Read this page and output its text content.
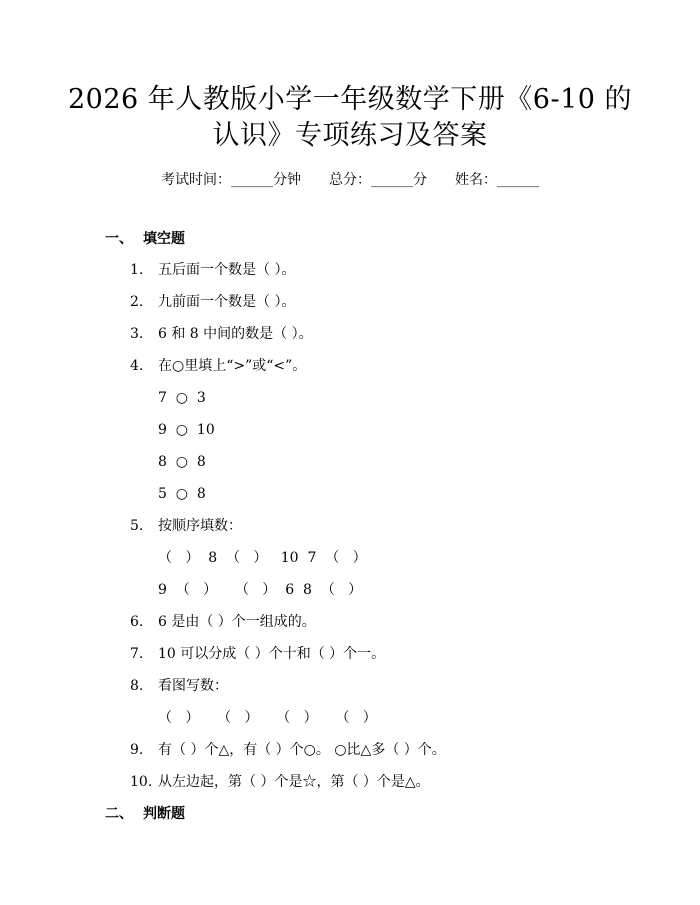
2026 年人教版小学一年级数学下册《6-10 的
认识》专项练习及答案
考试时间：______分钟 总分：______分 姓名：______
一、 填空题
1. 五后面一个数是（ ）。
2. 九前面一个数是（ ）。
3. 6 和 8 中间的数是（ ）。
4. 在○里填上“>”或“<”。
7  ○  3
9  ○  10
8  ○  8
5  ○  8
5. 按顺序填数：
（   ）  8  （   ）   10  7  （   ）
9  （   ）    （   ）  6  8  （   ）
6. 6 是由（ ）个一组成的。
7. 10 可以分成（ ）个十和（ ）个一。
8. 看图写数：
（   ）    （   ）    （   ）    （   ）
9. 有（ ）个△，有（ ）个○。 ○比△多（ ）个。
10. 从左边起，第（ ）个是☆，第（ ）个是△。
二、 判断题
